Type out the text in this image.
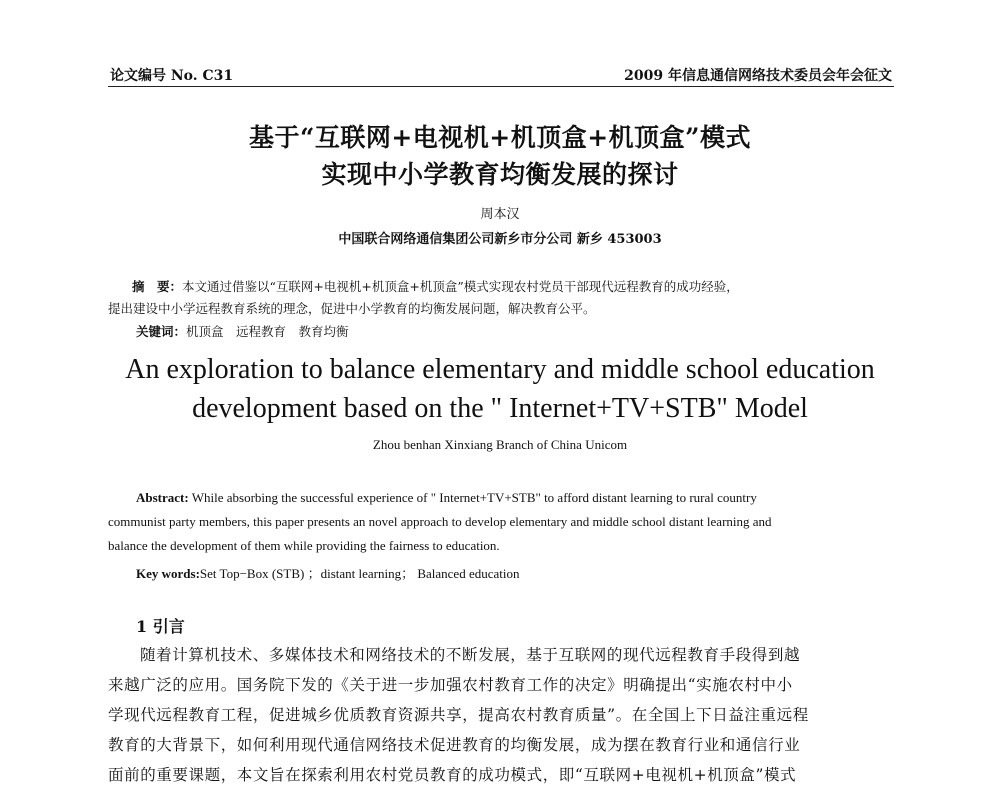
论文编号 No. C31	2009 年信息通信网络技术委员会年会征文
基于“互联网+电视机+机顶盒+机顶盒”模式
实现中小学教育均衡发展的探讨
周本汉
中国联合网络通信集团公司新乡市分公司 新乡 453003
摘　要：本文通过借鉴以“互联网+电视机+机顶盒+机顶盒”模式实现农村党员干部现代远程教育的成功经验，
提出建设中小学远程教育系统的理念，促进中小学教育的均衡发展问题，解决教育公平。
关键词：机顶盒　远程教育　教育均衡
An exploration to balance elementary and middle school education
development based on the " Internet+TV+STB" Model
Zhou benhan Xinxiang Branch of China Unicom
Abstract: While absorbing the successful experience of " Internet+TV+STB" to afford distant learning to rural country
communist party members, this paper presents an novel approach to develop elementary and middle school distant learning and
balance the development of them while providing the fairness to education.
Key words:Set Top−Box (STB) ；distant learning； Balanced education
1 引言
随着计算机技术、多媒体技术和网络技术的不断发展，基于互联网的现代远程教育手段得到越
来越广泛的应用。国务院下发的《关于进一步加强农村教育工作的决定》明确提出“实施农村中小
学现代远程教育工程，促进城乡优质教育资源共享，提高农村教育质量”。在全国上下日益注重远程
教育的大背景下，如何利用现代通信网络技术促进教育的均衡发展，成为摆在教育行业和通信行业
面前的重要课题，本文旨在探索利用农村党员教育的成功模式，即“互联网+电视机+机顶盒”模式
